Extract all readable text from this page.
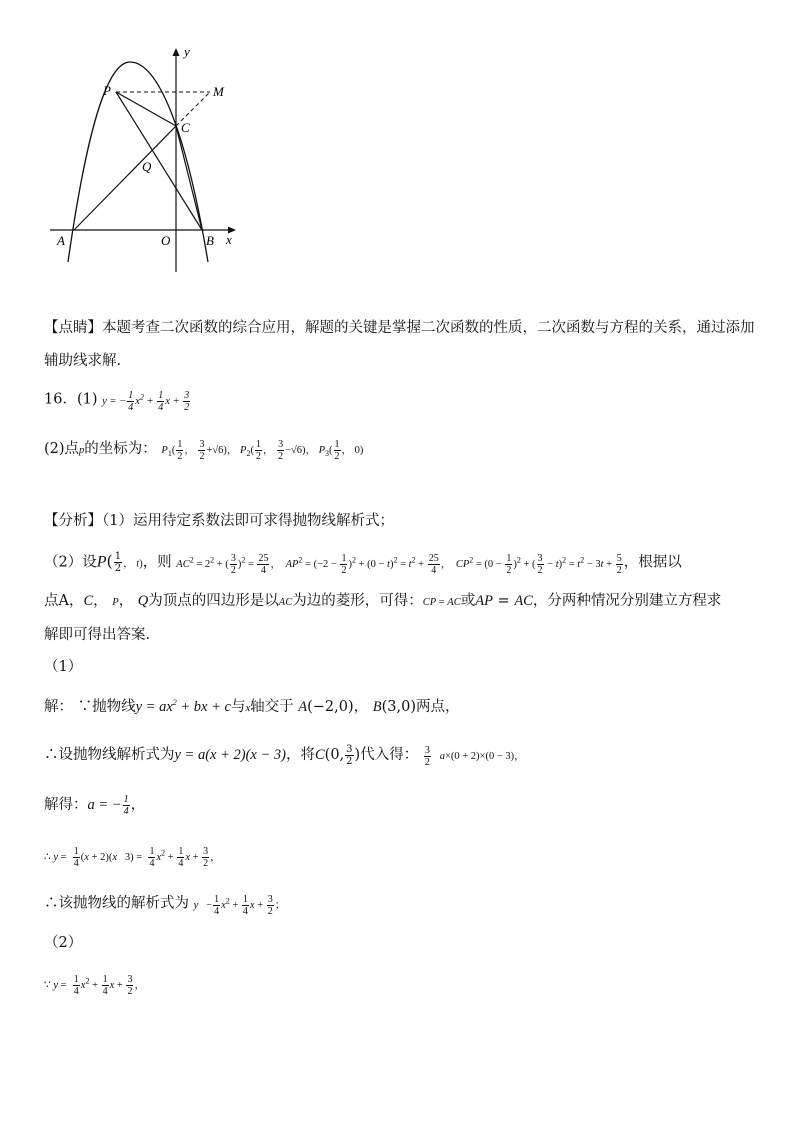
y
x
P	M
C
Q
A	O	B
【点睛】本题考查二次函数的综合应用，解题的关键是掌握二次函数的性质，二次函数与方程的关系，通过添加
辅助线求解.
16．(1) y = − $\frac{1}{4} x^2 + \frac{1}{4}$ $x + \frac{3}{2}$
(2)点p的坐标为： $P_1( \frac{1}{2}$ ， $\frac{3}{2} +√6$)， $P_2( \frac{1}{2}$ ， $\frac{3}{2} -√6$)， $P_3( \frac{1}{2}$ ， 0)
【分析】（1）运用待定系数法即可求得抛物线解析式；
（2）设$P( \frac{1}{2}$ ， t)，则 $AC^2 = 2^2$ + ( $\frac{3}{2} )^2 = \frac{25}{4}$ ， $AP^2 = (-2 - \frac{1}{2} )^2 + (0 - t)^2 = t^2 + \frac{25}{4}$ ， $CP^2 = (0 - \frac{1}{2} )^2$ + ( $\frac{3}{2} - t)^2 = t^2 - 3t + \frac{5}{2}$ ，根据以
点A，C， P， Q为顶点的四边形是以AC为边的菱形，可得：CP = AC或AP = AC，分两种情况分别建立方程求
解即可得出答案.
（1）
解： ∵抛物线$y = ax^2$ + bx + c与x轴交于 A(−2,0)， B(3,0)两点，
∴设抛物线解析式为y = a(x + 2)(x − 3)，将C(0, $\frac{3}{2}$ )代入得： $\frac{3}{2} a\times(0 + 2)\times(0 - 3)$，
解得：a = − $\frac{1}{4}$ ，
∴ $y = \frac{1}{4} (x + 2)(x$   $3) = \frac{1}{4} x^2 + \frac{1}{4}$ $x + \frac{3}{2}$ ，
∴该抛物线的解析式为 $y - \frac{1}{4} x^2 + \frac{1}{4}$ $x + \frac{3}{2}$ ；
（2）
∵ $y = \frac{1}{4} x^2 + \frac{1}{4}$ $x + \frac{3}{2}$ ，
